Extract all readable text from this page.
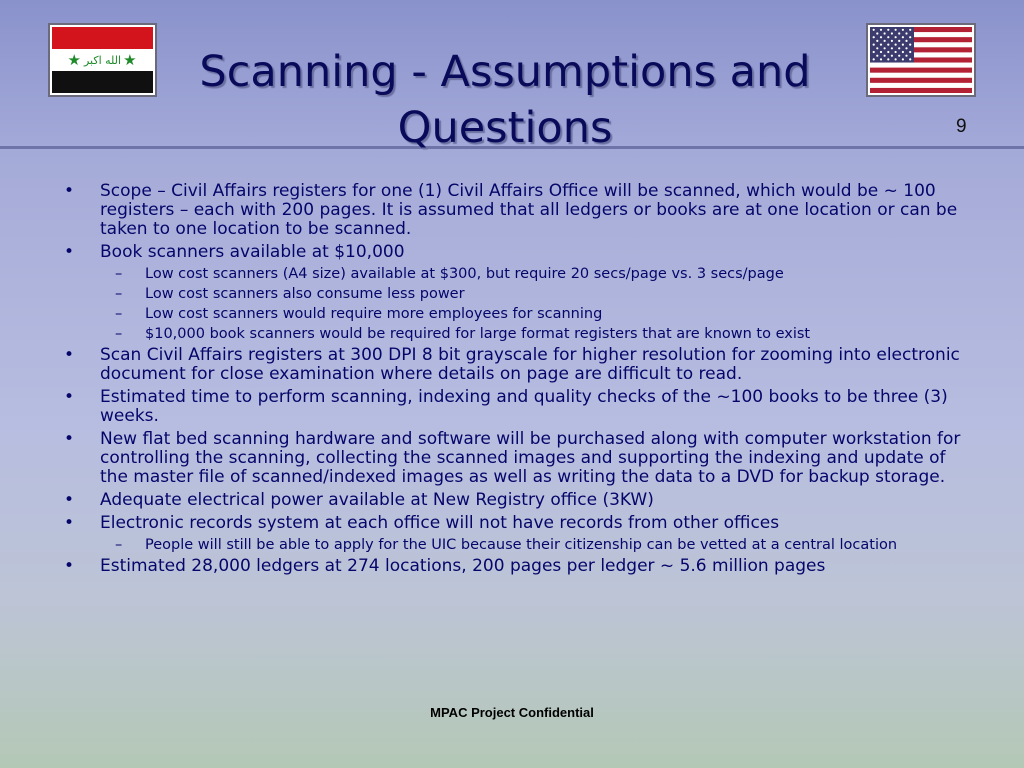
★ الله اكبر ★	Scanning - Assumptions and Questions	9
• Scope – Civil Affairs registers for one (1) Civil Affairs Office will be scanned, which would be ~ 100 registers – each with 200 pages. It is assumed that all ledgers or books are at one location or can be taken to one location to be scanned.
• Book scanners available at $10,000
– Low cost scanners (A4 size) available at $300, but require 20 secs/page vs. 3 secs/page
– Low cost scanners also consume less power
– Low cost scanners would require more employees for scanning
– $10,000 book scanners would be required for large format registers that are known to exist
• Scan Civil Affairs registers at 300 DPI 8 bit grayscale for higher resolution for zooming into electronic document for close examination where details on page are difficult to read.
• Estimated time to perform scanning, indexing and quality checks of the ~100 books to be three (3) weeks.
• New flat bed scanning hardware and software will be purchased along with computer workstation for controlling the scanning, collecting the scanned images and supporting the indexing and update of the master file of scanned/indexed images as well as writing the data to a DVD for backup storage.
• Adequate electrical power available at New Registry office (3KW)
• Electronic records system at each office will not have records from other offices
– People will still be able to apply for the UIC because their citizenship can be vetted at a central location
• Estimated 28,000 ledgers at 274 locations, 200 pages per ledger ~ 5.6 million pages
MPAC Project Confidential
